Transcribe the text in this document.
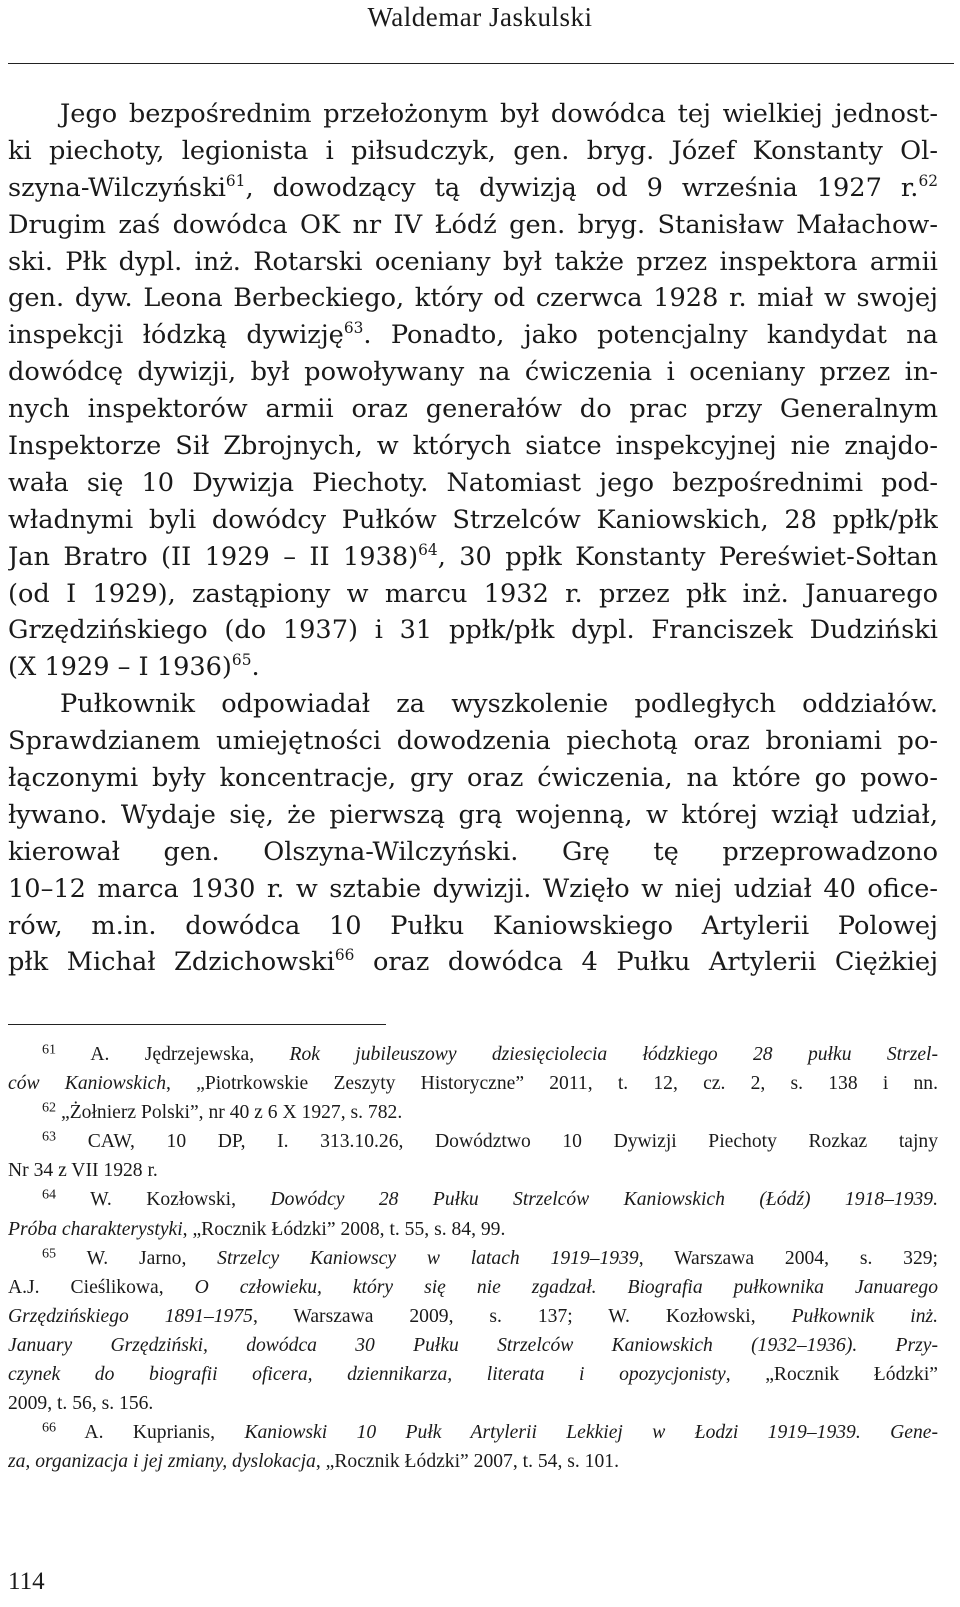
Waldemar Jaskulski
Jego bezpośrednim przełożonym był dowódca tej wielkiej jednost-
ki piechoty, legionista i piłsudczyk, gen. bryg. Józef Konstanty Ol-
szyna-Wilczyński$^{61}$, dowodzący tą dywizją od 9 września 1927 r.$^{62}$
Drugim zaś dowódca OK nr IV Łódź gen. bryg. Stanisław Małachow-
ski. Płk dypl. inż. Rotarski oceniany był także przez inspektora armii
gen. dyw. Leona Berbeckiego, który od czerwca 1928 r. miał w swojej
inspekcji łódzką dywizję$^{63}$. Ponadto, jako potencjalny kandydat na
dowódcę dywizji, był powoływany na ćwiczenia i oceniany przez in-
nych inspektorów armii oraz generałów do prac przy Generalnym
Inspektorze Sił Zbrojnych, w których siatce inspekcyjnej nie znajdo-
wała się 10 Dywizja Piechoty. Natomiast jego bezpośrednimi pod-
władnymi byli dowódcy Pułków Strzelców Kaniowskich, 28 ppłk/płk
Jan Bratro (II 1929 – II 1938)$^{64}$, 30 ppłk Konstanty Pereświet-Sołtan
(od I 1929), zastąpiony w marcu 1932 r. przez płk inż. Januarego
Grzędzińskiego (do 1937) i 31 ppłk/płk dypl. Franciszek Dudziński
(X 1929 – I 1936)$^{65}$.
Pułkownik odpowiadał za wyszkolenie podległych oddziałów.
Sprawdzianem umiejętności dowodzenia piechotą oraz broniami po-
łączonymi były koncentracje, gry oraz ćwiczenia, na które go powo-
ływano. Wydaje się, że pierwszą grą wojenną, w której wziął udział,
kierował gen. Olszyna-Wilczyński. Grę tę przeprowadzono
10–12 marca 1930 r. w sztabie dywizji. Wzięło w niej udział 40 ofice-
rów, m.in. dowódca 10 Pułku Kaniowskiego Artylerii Polowej
płk Michał Zdzichowski$^{66}$ oraz dowódca 4 Pułku Artylerii Ciężkiej
$^{61}$ A. Jędrzejewska, Rok jubileuszowy dziesięciolecia łódzkiego 28 pułku Strzel-
ców Kaniowskich, „Piotrkowskie Zeszyty Historyczne” 2011, t. 12, cz. 2, s. 138 i nn.
$^{62}$ „Żołnierz Polski”, nr 40 z 6 X 1927, s. 782.
$^{63}$ CAW, 10 DP, I. 313.10.26, Dowództwo 10 Dywizji Piechoty Rozkaz tajny
Nr 34 z VII 1928 r.
$^{64}$ W. Kozłowski, Dowódcy 28 Pułku Strzelców Kaniowskich (Łódź) 1918–1939.
Próba charakterystyki, „Rocznik Łódzki” 2008, t. 55, s. 84, 99.
$^{65}$ W. Jarno, Strzelcy Kaniowscy w latach 1919–1939, Warszawa 2004, s. 329;
A.J. Cieślikowa, O człowieku, który się nie zgadzał. Biografia pułkownika Januarego
Grzędzińskiego 1891–1975, Warszawa 2009, s. 137; W. Kozłowski, Pułkownik inż.
January Grzędziński, dowódca 30 Pułku Strzelców Kaniowskich (1932–1936). Przy-
czynek do biografii oficera, dziennikarza, literata i opozycjonisty, „Rocznik Łódzki”
2009, t. 56, s. 156.
$^{66}$ A. Kuprianis, Kaniowski 10 Pułk Artylerii Lekkiej w Łodzi 1919–1939. Gene-
za, organizacja i jej zmiany, dyslokacja, „Rocznik Łódzki” 2007, t. 54, s. 101.
114
